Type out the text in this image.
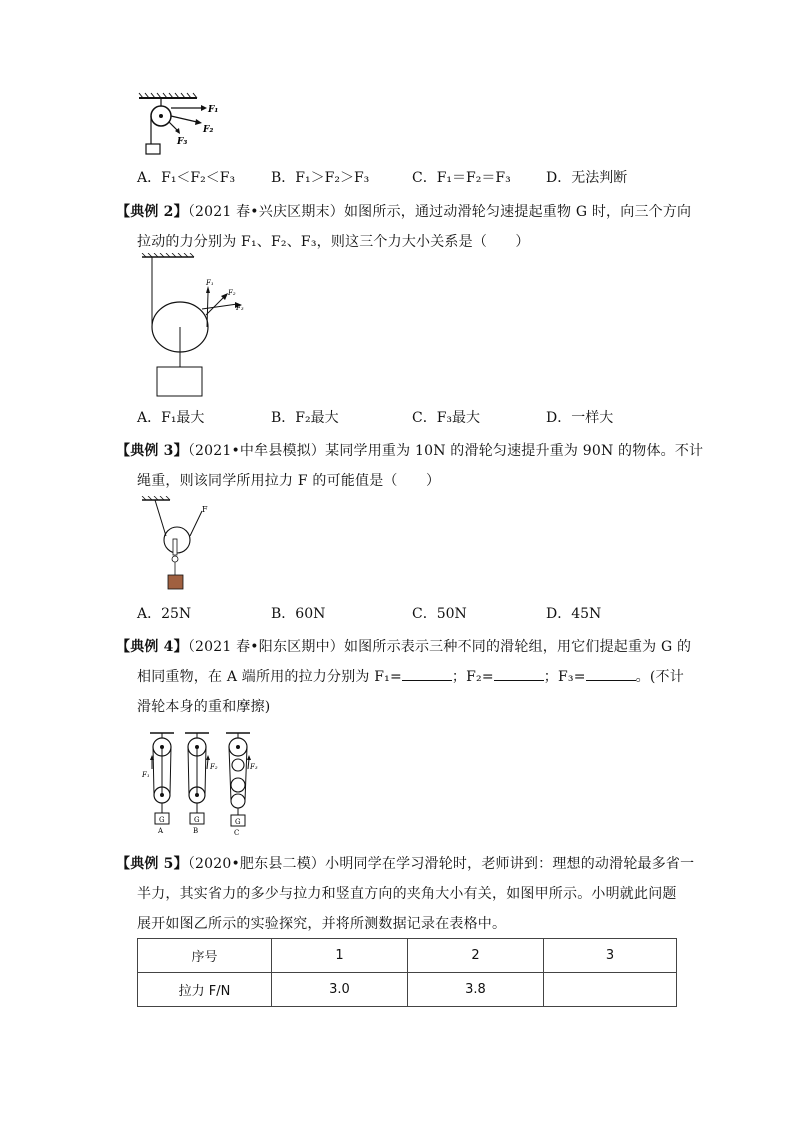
F₁
F₂
F₃
A．F₁＜F₂＜F₃	B．F₁＞F₂＞F₃	C．F₁＝F₂＝F₃	D．无法判断
【典例 2】（2021 春•兴庆区期末）如图所示，通过动滑轮匀速提起重物 G 时，向三个方向
拉动的力分别为 F₁、F₂、F₃，则这三个力大小关系是（　　）
F₁
F₂
F₃
A．F₁最大	B．F₂最大	C．F₃最大	D．一样大
【典例 3】（2021•中牟县模拟）某同学用重为 10N 的滑轮匀速提升重为 90N 的物体。不计
绳重，则该同学所用拉力 F 的可能值是（　　）
F
A．25N	B．60N	C．50N	D．45N
【典例 4】（2021 春•阳东区期中）如图所示表示三种不同的滑轮组，用它们提起重为 G 的
相同重物，在 A 端所用的拉力分别为 F₁=	；F₂=	；F₃=	。(不计
滑轮本身的重和摩擦)
F₁
G
A
F₂
G
B
F₃
G
C
【典例 5】（2020•肥东县二模）小明同学在学习滑轮时，老师讲到：理想的动滑轮最多省一
半力，其实省力的多少与拉力和竖直方向的夹角大小有关，如图甲所示。小明就此问题
展开如图乙所示的实验探究，并将所测数据记录在表格中。
序号	1	2	3
拉力 F/N	3.0	3.8	
